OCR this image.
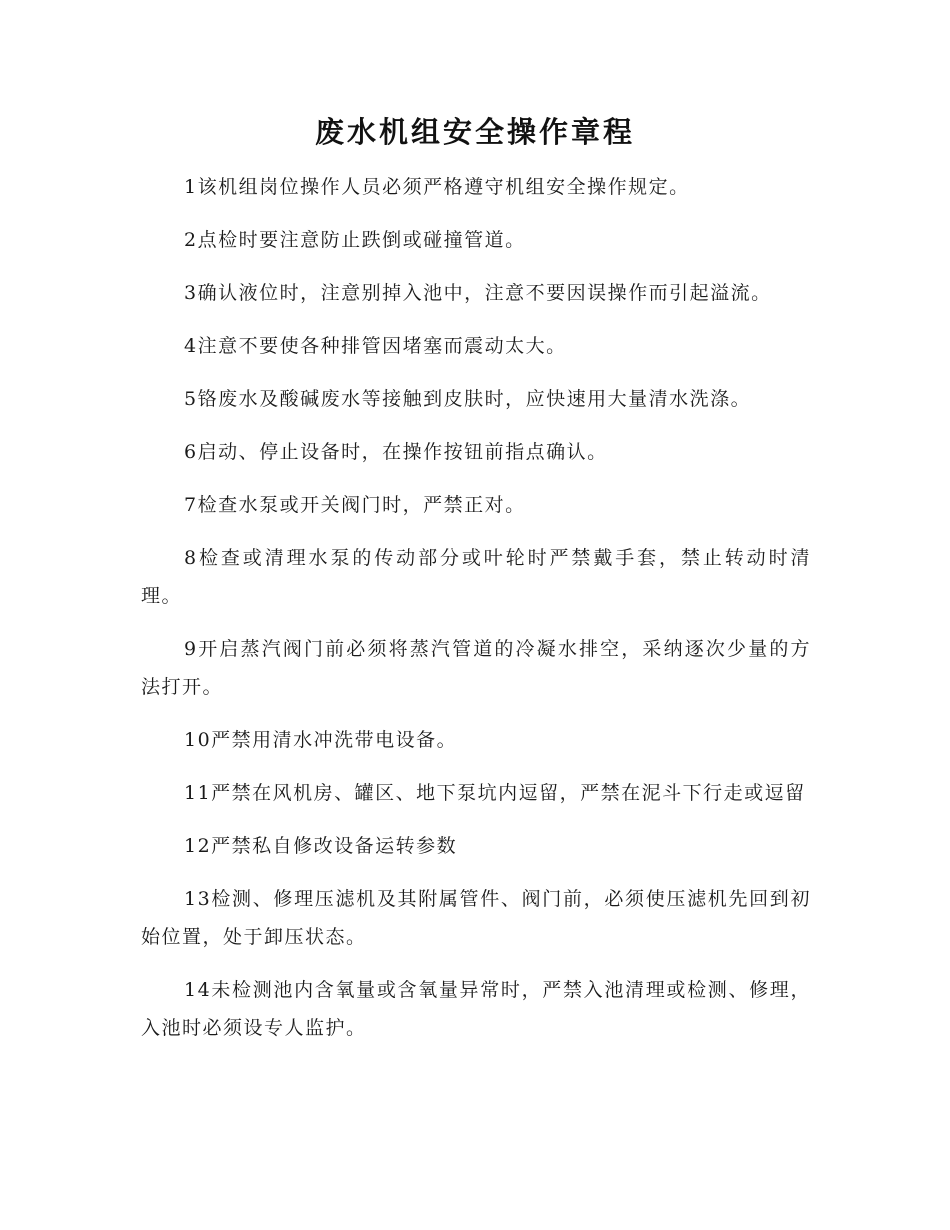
废水机组安全操作章程

1该机组岗位操作人员必须严格遵守机组安全操作规定。

2点检时要注意防止跌倒或碰撞管道。

3确认液位时，注意别掉入池中，注意不要因误操作而引起溢流。

4注意不要使各种排管因堵塞而震动太大。

5铬废水及酸碱废水等接触到皮肤时，应快速用大量清水洗涤。

6启动、停止设备时，在操作按钮前指点确认。

7检查水泵或开关阀门时，严禁正对。

8检查或清理水泵的传动部分或叶轮时严禁戴手套，禁止转动时清理。

9开启蒸汽阀门前必须将蒸汽管道的冷凝水排空，采纳逐次少量的方法打开。

10严禁用清水冲洗带电设备。

11严禁在风机房、罐区、地下泵坑内逗留，严禁在泥斗下行走或逗留

12严禁私自修改设备运转参数

13检测、修理压滤机及其附属管件、阀门前，必须使压滤机先回到初始位置，处于卸压状态。

14未检测池内含氧量或含氧量异常时，严禁入池清理或检测、修理，入池时必须设专人监护。
